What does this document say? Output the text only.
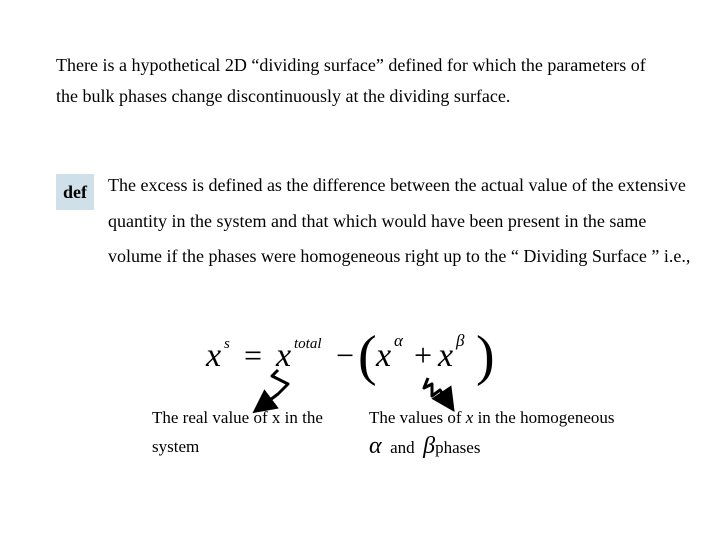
There is a hypothetical 2D “dividing surface” defined for which the parameters of the bulk phases change discontinuously at the dividing surface.

def The excess is defined as the difference between the actual value of the extensive quantity in the system and that which would have been present in the same volume if the phases were homogeneous right up to the “ Dividing Surface ” i.e.,

x s = x total − ( x α + x β )

The real value of x in the system

The values of x in the homogeneous

α and βphases
